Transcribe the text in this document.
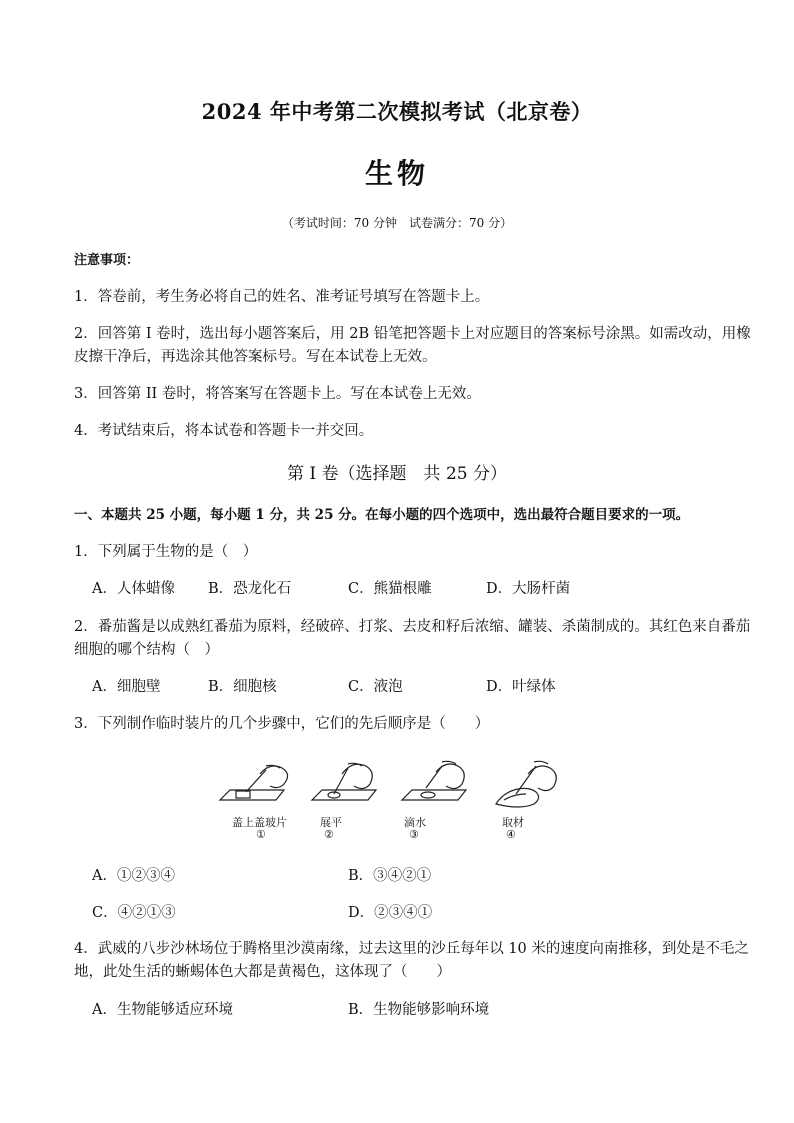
2024 年中考第二次模拟考试（北京卷）
生物
（考试时间：70 分钟　试卷满分：70 分）
注意事项：
1．答卷前，考生务必将自己的姓名、准考证号填写在答题卡上。
2．回答第 I 卷时，选出每小题答案后，用 2B 铅笔把答题卡上对应题目的答案标号涂黑。如需改动，用橡
皮擦干净后，再选涂其他答案标号。写在本试卷上无效。
3．回答第 II 卷时，将答案写在答题卡上。写在本试卷上无效。
4．考试结束后，将本试卷和答题卡一并交回。
第 I 卷（选择题　共 25 分）
一、本题共 25 小题，每小题 1 分，共 25 分。在每小题的四个选项中，选出最符合题目要求的一项。
1．下列属于生物的是（　）
A．人体蜡像 B．恐龙化石	C．熊猫根雕	D．大肠杆菌
2．番茄酱是以成熟红番茄为原料，经破碎、打浆、去皮和籽后浓缩、罐装、杀菌制成的。其红色来自番茄
细胞的哪个结构（　）
A．细胞壁	B．细胞核	C．液泡	D．叶绿体
3．下列制作临时装片的几个步骤中，它们的先后顺序是（　　）
盖上盖玻片
①
展平
②
滴水
③
取材
④
A．①②③④	B．③④②①
C．④②①③	D．②③④①
4．武威的八步沙林场位于腾格里沙漠南缘，过去这里的沙丘每年以 10 米的速度向南推移，到处是不毛之
地，此处生活的蜥蜴体色大都是黄褐色，这体现了（　　）
A．生物能够适应环境	B．生物能够影响环境
